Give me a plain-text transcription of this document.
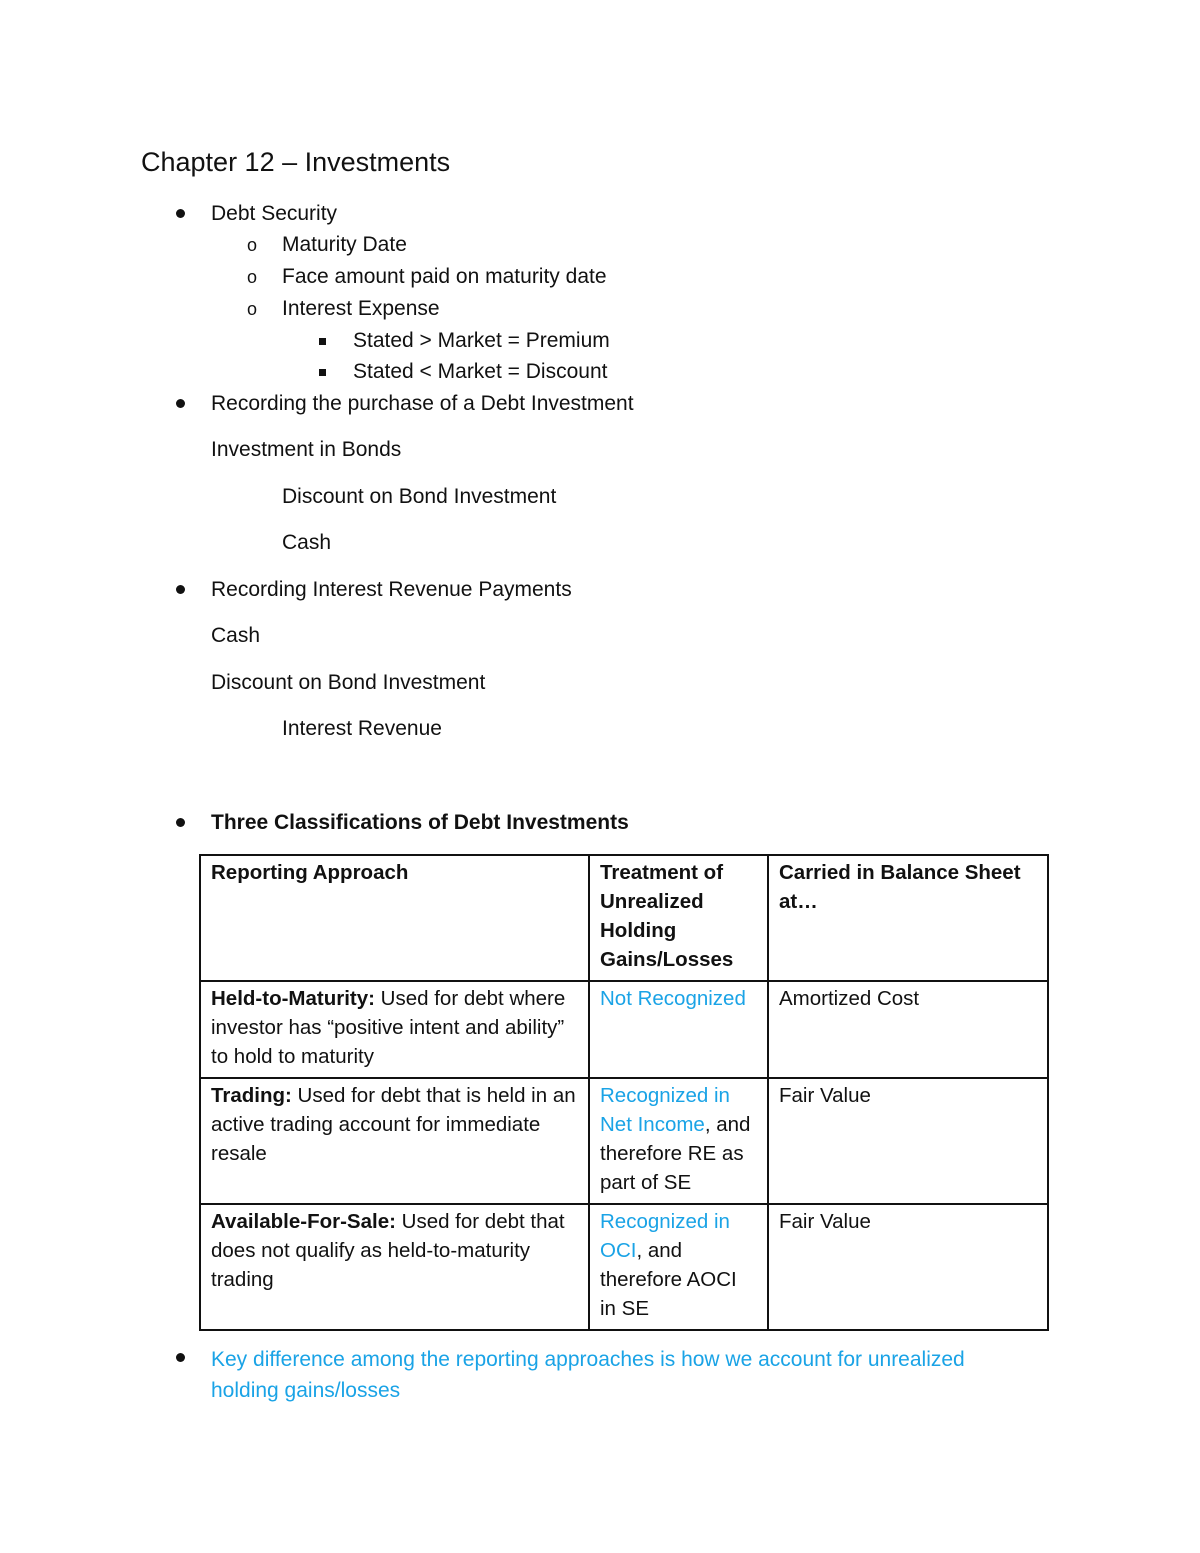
Chapter 12 – Investments
Debt Security
o Maturity Date
o Face amount paid on maturity date
o Interest Expense
Stated > Market = Premium
Stated < Market = Discount
Recording the purchase of a Debt Investment
Investment in Bonds
Discount on Bond Investment
Cash
Recording Interest Revenue Payments
Cash
Discount on Bond Investment
Interest Revenue
Three Classifications of Debt Investments
Reporting Approach	Treatment of Unrealized Holding Gains/Losses	Carried in Balance Sheet at…
Held-to-Maturity: Used for debt where investor has “positive intent and ability” to hold to maturity	Not Recognized	Amortized Cost
Trading: Used for debt that is held in an active trading account for immediate resale	Recognized in Net Income, and therefore RE as part of SE	Fair Value
Available-For-Sale: Used for debt that does not qualify as held-to-maturity trading	Recognized in OCI, and therefore AOCI in SE	Fair Value
Key difference among the reporting approaches is how we account for unrealized holding gains/losses
